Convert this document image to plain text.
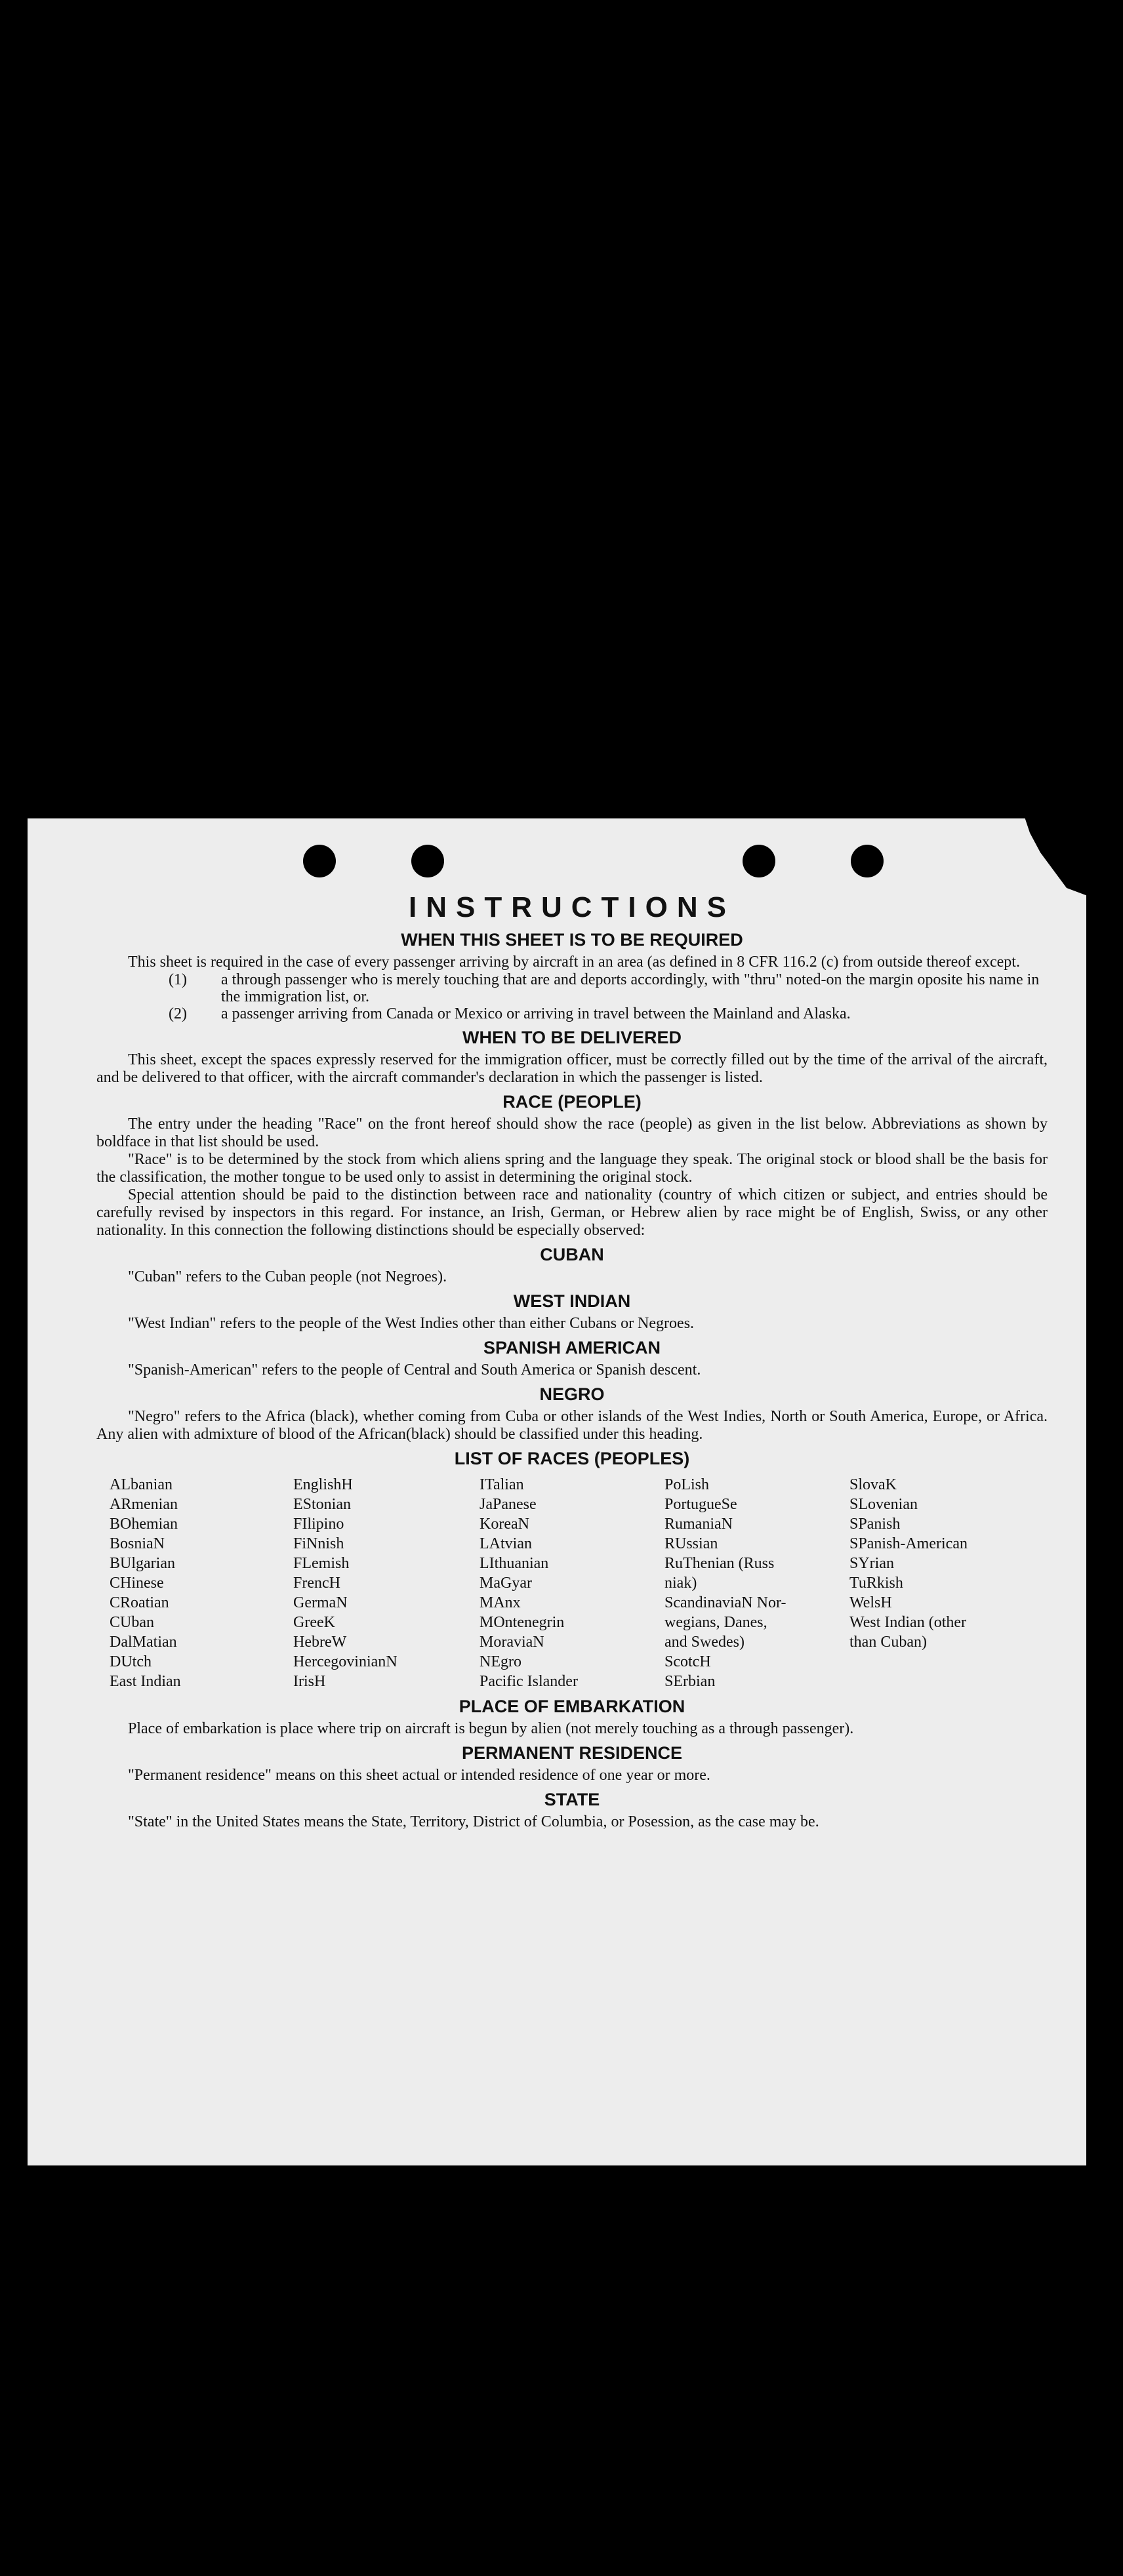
INSTRUCTIONS
WHEN THIS SHEET IS TO BE REQUIRED

This sheet is required in the case of every passenger arriving by aircraft in an area (as defined in 8 CFR 116.2 (c) from outside thereof except.

(1)	a through passenger who is merely touching that are and deports accordingly, with "thru" noted-on the margin oposite his name in the immigration list, or.
(2)	a passenger arriving from Canada or Mexico or arriving in travel between the Mainland and Alaska.
WHEN TO BE DELIVERED

This sheet, except the spaces expressly reserved for the immigration officer, must be correctly filled out by the time of the arrival of the aircraft, and be delivered to that officer, with the aircraft commander's declaration in which the passenger is listed.

RACE (PEOPLE)

The entry under the heading "Race" on the front hereof should show the race (people) as given in the list below. Abbreviations as shown by boldface in that list should be used.

"Race" is to be determined by the stock from which aliens spring and the language they speak. The original stock or blood shall be the basis for the classification, the mother tongue to be used only to assist in determining the original stock.

Special attention should be paid to the distinction between race and nationality (country of which citizen or subject, and entries should be carefully revised by inspectors in this regard. For instance, an Irish, German, or Hebrew alien by race might be of English, Swiss, or any other nationality. In this connection the following distinctions should be especially observed:

CUBAN

"Cuban" refers to the Cuban people (not Negroes).

WEST INDIAN

"West Indian" refers to the people of the West Indies other than either Cubans or Negroes.

SPANISH AMERICAN

"Spanish-American" refers to the people of Central and South America or Spanish descent.

NEGRO

"Negro" refers to the Africa (black), whether coming from Cuba or other islands of the West Indies, North or South America, Europe, or Africa. Any alien with admixture of blood of the African(black) should be classified under this heading.

LIST OF RACES (PEOPLES)
ALbanian
ARmenian
BOhemian
BosniaN
BUlgarian
CHinese
CRoatian
CUban
DalMatian
DUtch
East Indian
EnglishH
EStonian
FIlipino
FiNnish
FLemish
FrencH
GermaN
GreeK
HebreW
HercegovinianN
IrisH
ITalian
JaPanese
KoreaN
LAtvian
LIthuanian
MaGyar
MAnx
MOntenegrin
MoraviaN
NEgro
Pacific Islander
PoLish
PortugueSe
RumaniaN
RUssian
RuThenian (Russ
niak)
ScandinaviaN Nor-
wegians, Danes,
and Swedes)
ScotcH
SErbian
SlovaK
SLovenian
SPanish
SPanish-American
SYrian
TuRkish
WelsH
West Indian (other
than Cuban)
PLACE OF EMBARKATION

Place of embarkation is place where trip on aircraft is begun by alien (not merely touching as a through passenger).

PERMANENT RESIDENCE

"Permanent residence" means on this sheet actual or intended residence of one year or more.

STATE

"State" in the United States means the State, Territory, District of Columbia, or Posession, as the case may be.
